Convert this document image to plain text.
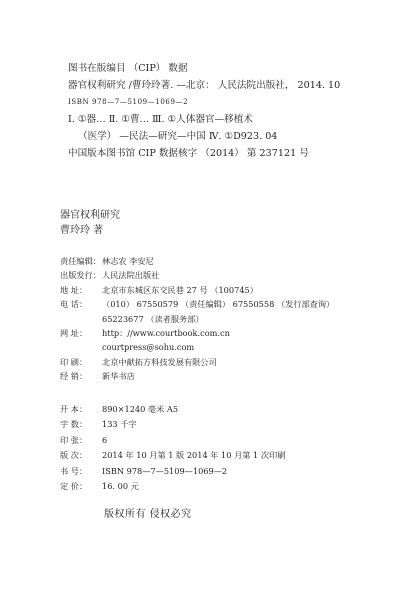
图书在版编目 （CIP） 数据
器官权利研究 /曹玲玲著. —北京： 人民法院出版社， 2014. 10
ISBN 978—7—5109—1069—2
Ⅰ. ①器… Ⅱ. ①曹… Ⅲ. ①人体器官—移植术
（医学） —民法—研究—中国 Ⅳ. ①D923. 04
中国版本图书馆 CIP 数据核字 （2014） 第 237121 号
器官权利研究
曹玲玲 著
责任编辑： 林志农 李安尼
出版发行： 人民法院出版社
地 址：	北京市东城区东交民巷 27 号 （100745）
电 话：	（010） 67550579 （责任编辑） 67550558 （发行部查询）
65223677 （读者服务部）
网 址：	http：//www.courtbook.com.cn
courtpress@sohu.com
印 刷：	北京中献拓方科技发展有限公司
经 销：	新华书店
开 本：	890×1240 毫米 A5
字 数：	133 千字
印 张：	6
版 次：	2014 年 10 月第 1 版 2014 年 10 月第 1 次印刷
书 号：	ISBN 978—7—5109—1069—2
定 价：	16. 00 元
版权所有 侵权必究
